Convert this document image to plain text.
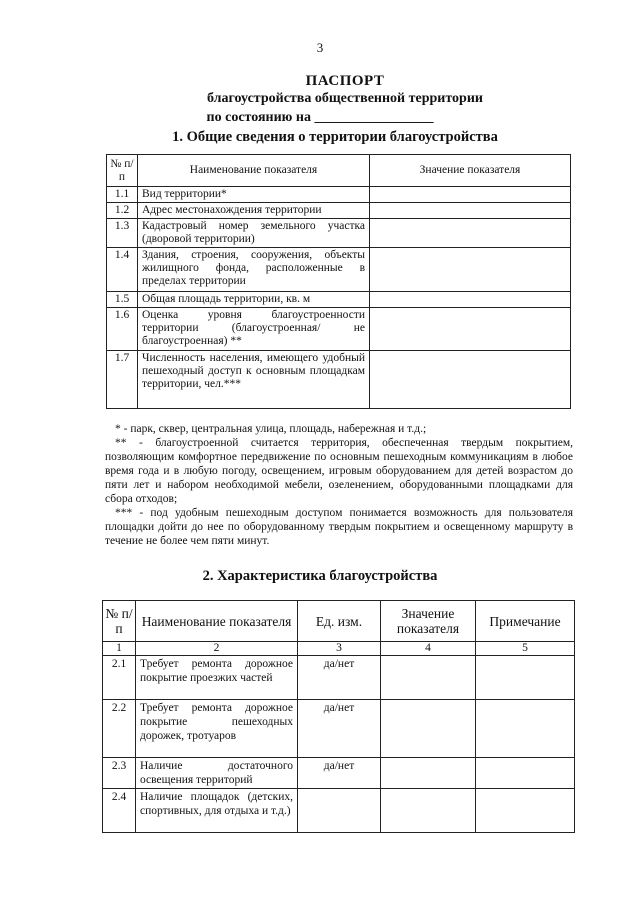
3
ПАСПОРТ
благоустройства общественной территории
по состоянию на _________________
1. Общие сведения о территории благоустройства
№ п/п	Наименование показателя	Значение показателя
1.1	Вид территории*	
1.2	Адрес местонахождения территории	
1.3	Кадастровый номер земельного участка (дворовой территории)	
1.4	Здания, строения, сооружения, объекты жилищного фонда, расположенные в пределах территории	
1.5	Общая площадь территории, кв. м	
1.6	Оценка уровня благоустроенности территории (благоустроенная/ не благоустроенная) **	
1.7	Численность населения, имеющего удобный пешеходный доступ к основным площадкам территории, чел.***	

* - парк, сквер, центральная улица, площадь, набережная и т.д.;

** - благоустроенной считается территория, обеспеченная твердым покрытием, позволяющим комфортное передвижение по основным пешеходным коммуникациям в любое время года и в любую погоду, освещением, игровым оборудованием для детей возрастом до пяти лет и набором необходимой мебели, озеленением, оборудованными площадками для сбора отходов;

*** - под удобным пешеходным доступом понимается возможность для пользователя площадки дойти до нее по оборудованному твердым покрытием и освещенному маршруту в течение не более чем пяти минут.

2. Характеристика благоустройства
№ п/п	Наименование показателя	Ед. изм.	Значение показателя	Примечание
1	2	3	4	5
2.1	Требует ремонта дорожное покрытие проезжих частей	да/нет		
2.2	Требует ремонта дорожное покрытие пешеходных дорожек, тротуаров	да/нет		
2.3	Наличие достаточного освещения территорий	да/нет		
2.4	Наличие площадок (детских, спортивных, для отдыха и т.д.)			
